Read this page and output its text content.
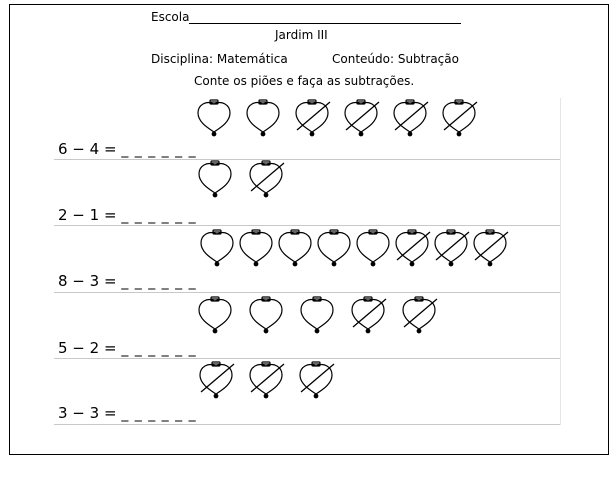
Escola
Jardim III
Disciplina: Matemática	Conteúdo: Subtração
Conte os piões e faça as subtrações.
6 − 4 = _ _ _ _ _ _
2 − 1 = _ _ _ _ _ _
8 − 3 = _ _ _ _ _ _
5 − 2 = _ _ _ _ _ _
3 − 3 = _ _ _ _ _ _
